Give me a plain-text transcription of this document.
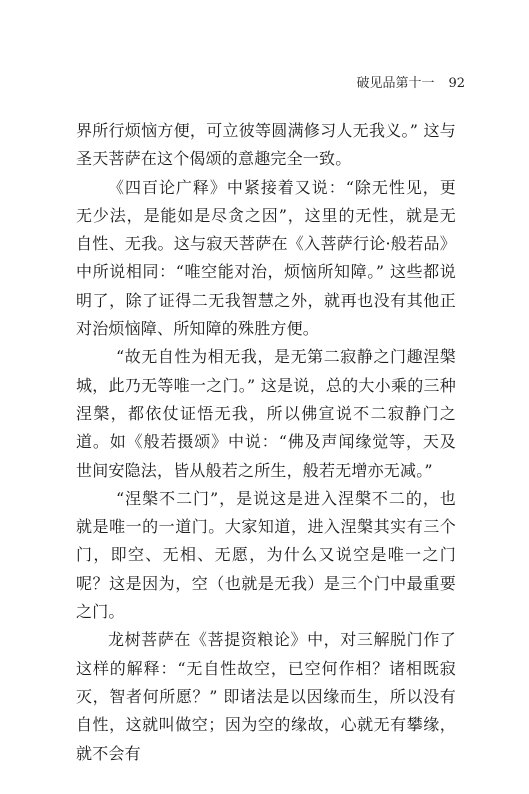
破见品第十一 92

界所行烦恼方便，可立彼等圆满修习人无我义。” 这与圣天菩萨在这个偈颂的意趣完全一致。

《四百论广释》中紧接着又说：“除无性见，更无少法，是能如是尽贪之因”，这里的无性，就是无自性、无我。这与寂天菩萨在《入菩萨行论·般若品》中所说相同：“唯空能对治，烦恼所知障。” 这些都说明了，除了证得二无我智慧之外，就再也没有其他正对治烦恼障、所知障的殊胜方便。

“故无自性为相无我，是无第二寂静之门趣涅槃城，此乃无等唯一之门。” 这是说，总的大小乘的三种涅槃，都依仗证悟无我，所以佛宣说不二寂静门之道。如《般若摄颂》中说：“佛及声闻缘觉等，天及世间安隐法，皆从般若之所生，般若无增亦无减。”

“涅槃不二门”，是说这是进入涅槃不二的，也就是唯一的一道门。大家知道，进入涅槃其实有三个门，即空、无相、无愿，为什么又说空是唯一之门呢？这是因为，空（也就是无我）是三个门中最重要之门。

龙树菩萨在《菩提资粮论》中，对三解脱门作了这样的解释：“无自性故空，已空何作相？诸相既寂灭，智者何所愿？” 即诸法是以因缘而生，所以没有自性，这就叫做空；因为空的缘故，心就无有攀缘，就不会有
